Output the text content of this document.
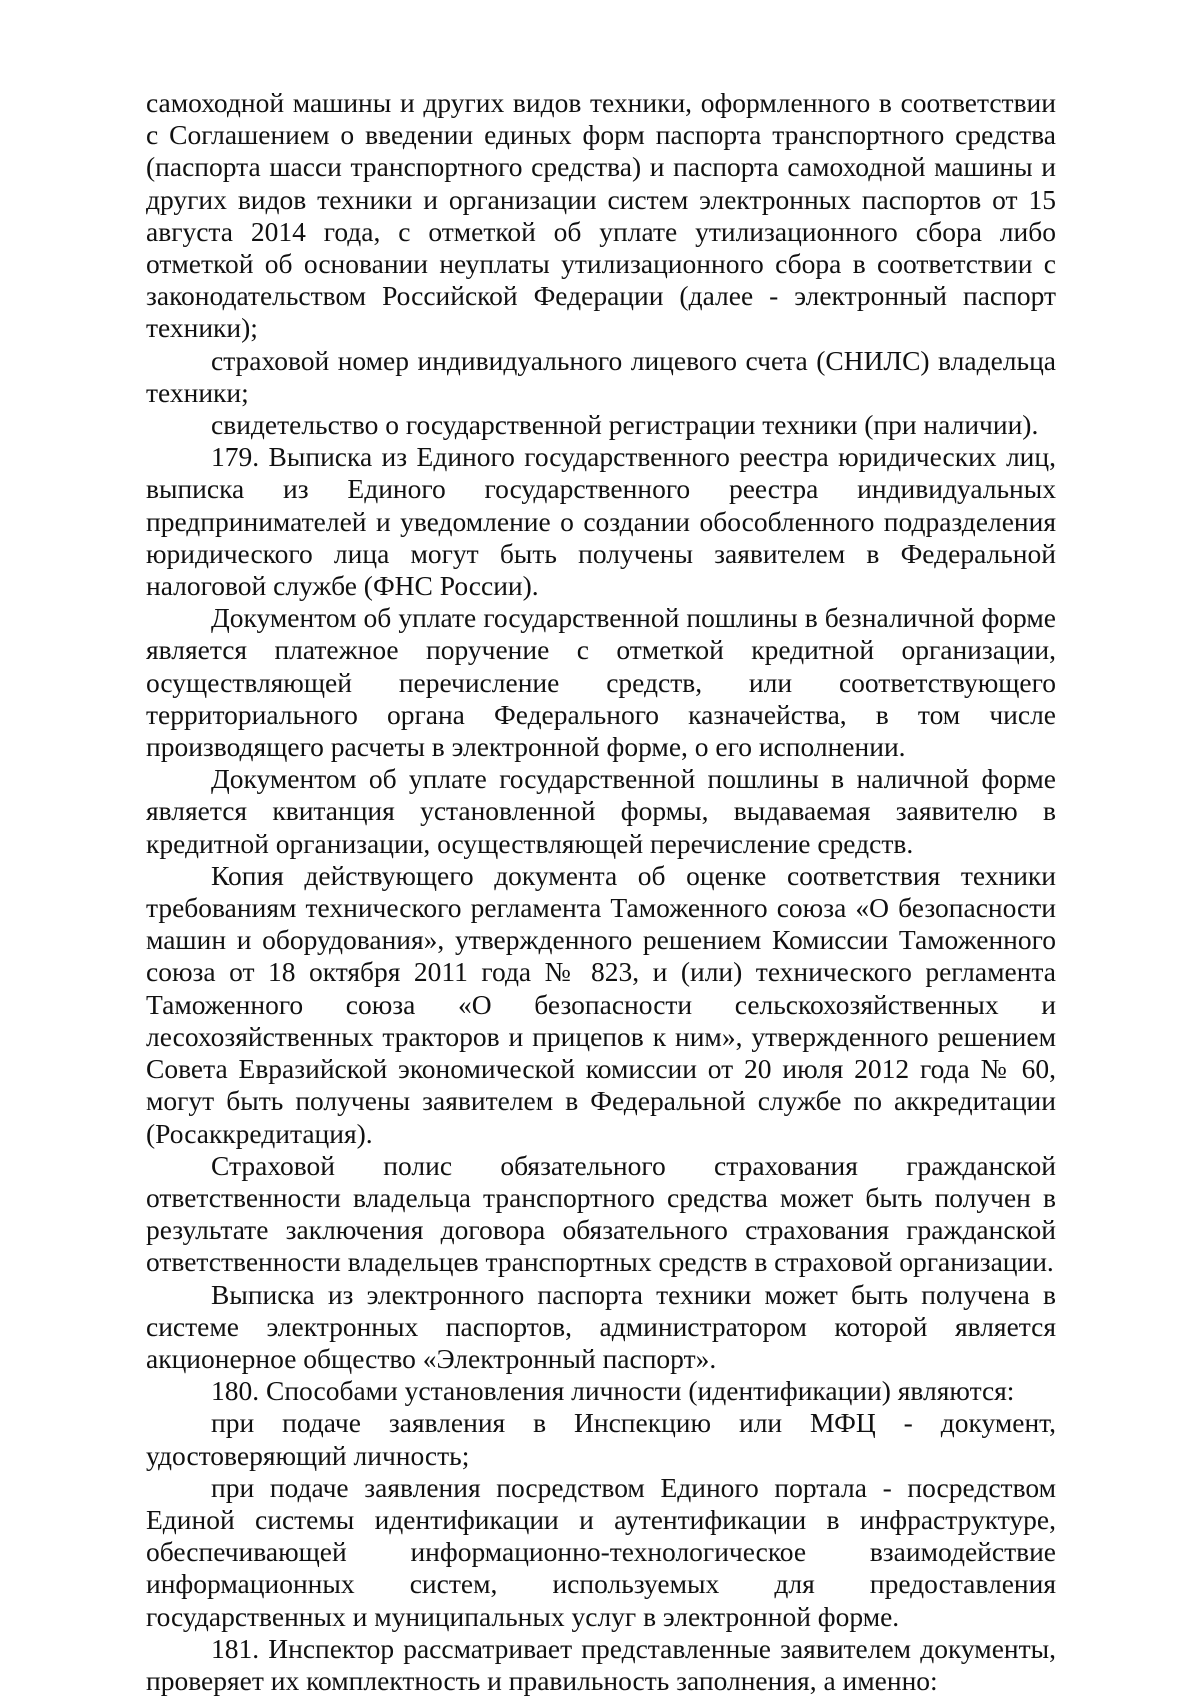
самоходной машины и других видов техники, оформленного в соответствии с Соглашением о введении единых форм паспорта транспортного средства (паспорта шасси транспортного средства) и паспорта самоходной машины и других видов техники и организации систем электронных паспортов от 15 августа 2014 года, с отметкой об уплате утилизационного сбора либо отметкой об основании неуплаты утилизационного сбора в соответствии с законодательством Российской Федерации (далее - электронный паспорт техники);

страховой номер индивидуального лицевого счета (СНИЛС) владельца техники;

свидетельство о государственной регистрации техники (при наличии).

179. Выписка из Единого государственного реестра юридических лиц, выписка из Единого государственного реестра индивидуальных предпринимателей и уведомление о создании обособленного подразделения юридического лица могут быть получены заявителем в Федеральной налоговой службе (ФНС России).

Документом об уплате государственной пошлины в безналичной форме является платежное поручение с отметкой кредитной организации, осуществляющей перечисление средств, или соответствующего территориального органа Федерального казначейства, в том числе производящего расчеты в электронной форме, о его исполнении.

Документом об уплате государственной пошлины в наличной форме является квитанция установленной формы, выдаваемая заявителю в кредитной организации, осуществляющей перечисление средств.

Копия действующего документа об оценке соответствия техники требованиям технического регламента Таможенного союза «О безопасности машин и оборудования», утвержденного решением Комиссии Таможенного союза от 18 октября 2011 года № 823, и (или) технического регламента Таможенного союза «О безопасности сельскохозяйственных и лесохозяйственных тракторов и прицепов к ним», утвержденного решением Совета Евразийской экономической комиссии от 20 июля 2012 года № 60, могут быть получены заявителем в Федеральной службе по аккредитации (Росаккредитация).

Страховой полис обязательного страхования гражданской ответственности владельца транспортного средства может быть получен в результате заключения договора обязательного страхования гражданской ответственности владельцев транспортных средств в страховой организации.

Выписка из электронного паспорта техники может быть получена в системе электронных паспортов, администратором которой является акционерное общество «Электронный паспорт».

180. Способами установления личности (идентификации) являются:

при подаче заявления в Инспекцию или МФЦ - документ, удостоверяющий личность;

при подаче заявления посредством Единого портала - посредством Единой системы идентификации и аутентификации в инфраструктуре, обеспечивающей информационно-технологическое взаимодействие информационных систем, используемых для предоставления государственных и муниципальных услуг в электронной форме.

181. Инспектор рассматривает представленные заявителем документы, проверяет их комплектность и правильность заполнения, а именно:
